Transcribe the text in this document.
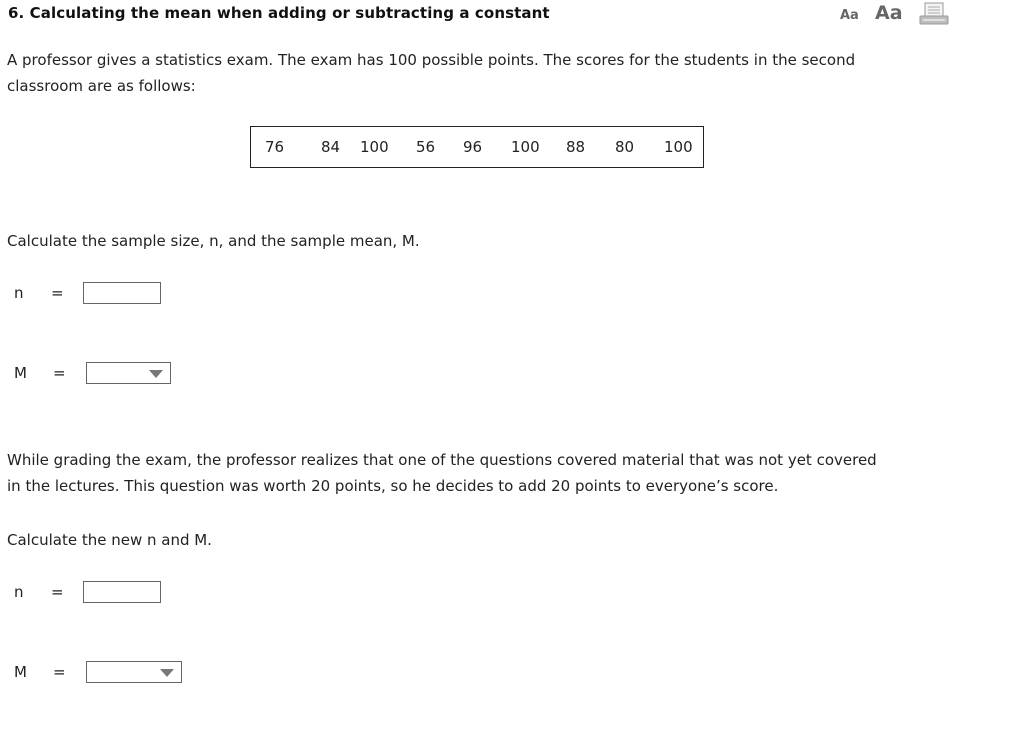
6. Calculating the mean when adding or subtracting a constant	Aa Aa
A professor gives a statistics exam. The exam has 100 possible points. The scores for the students in the second
classroom are as follows:
76	84	100	56	96	100	88	80	100
Calculate the sample size, n, and the sample mean, M.
n =
M =
While grading the exam, the professor realizes that one of the questions covered material that was not yet covered
in the lectures. This question was worth 20 points, so he decides to add 20 points to everyone’s score.
Calculate the new n and M.
n =
M =
